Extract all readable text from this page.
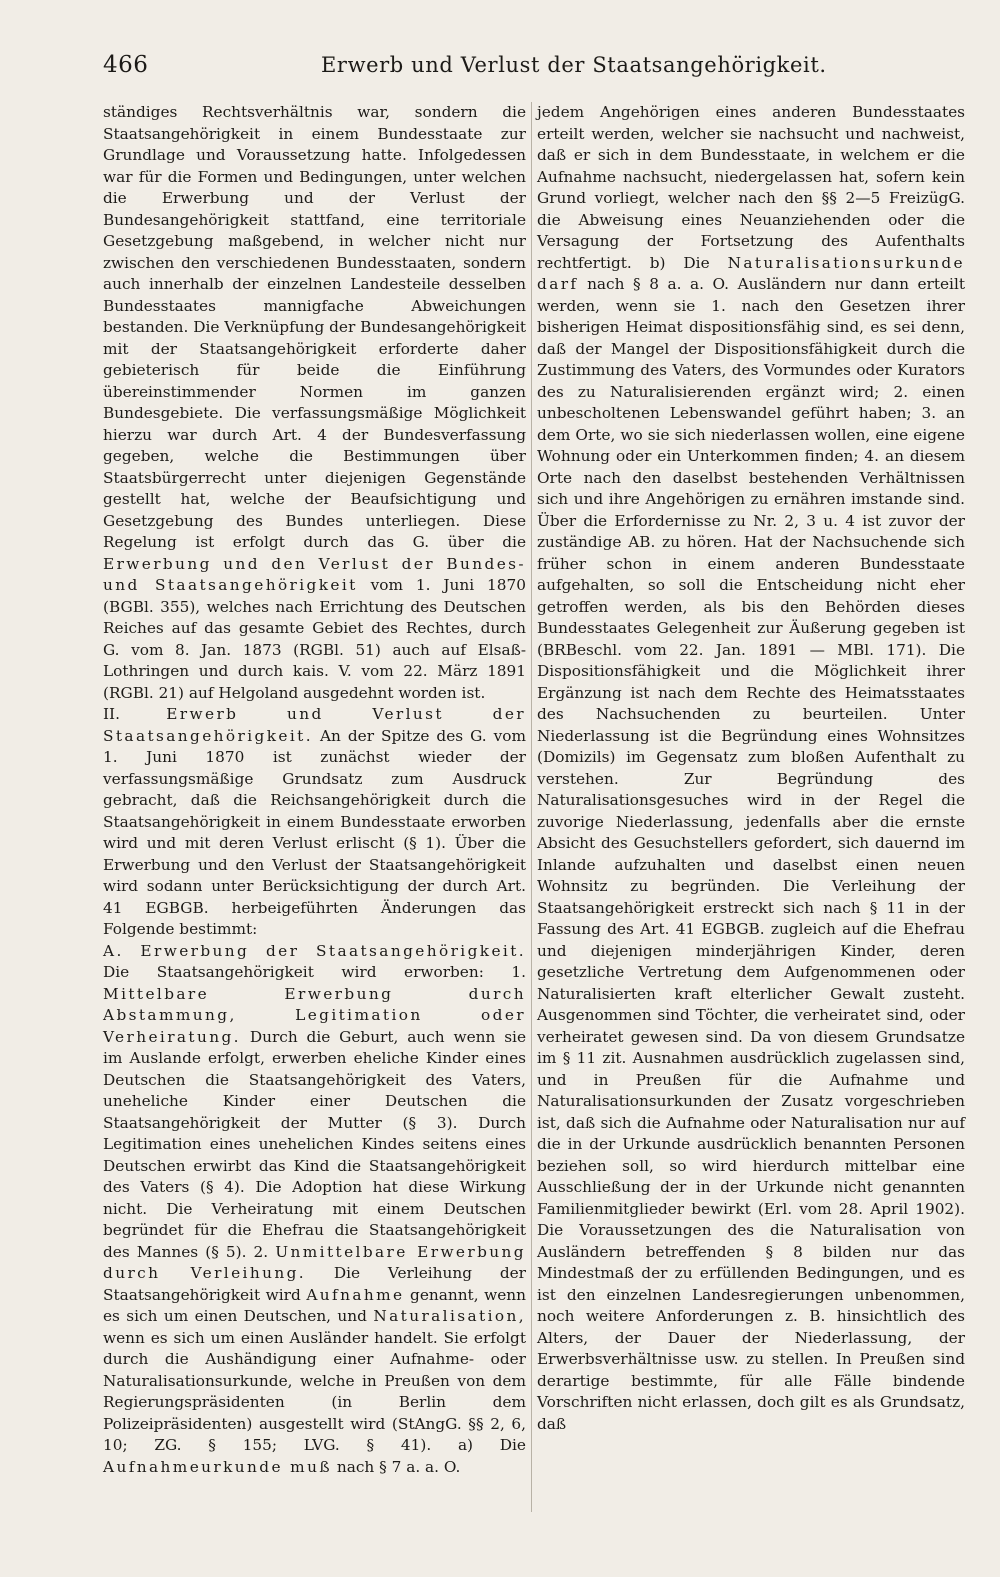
466	Erwerb und Verlust der Staatsangehörigkeit.

ständiges Rechtsverhältnis war, sondern die Staatsangehörigkeit in einem Bundesstaate zur Grundlage und Voraussetzung hatte. Infolgedessen war für die Formen und Bedingungen, unter welchen die Erwerbung und der Verlust der Bundesangehörigkeit stattfand, eine territoriale Gesetzgebung maßgebend, in welcher nicht nur zwischen den verschiedenen Bundesstaaten, sondern auch innerhalb der einzelnen Landesteile desselben Bundesstaates mannigfache Abweichungen bestanden. Die Verknüpfung der Bundesangehörigkeit mit der Staatsangehörigkeit erforderte daher gebieterisch für beide die Einführung übereinstimmender Normen im ganzen Bundesgebiete. Die verfassungsmäßige Möglichkeit hierzu war durch Art. 4 der Bundesverfassung gegeben, welche die Bestimmungen über Staatsbürgerrecht unter diejenigen Gegenstände gestellt hat, welche der Beaufsichtigung und Gesetzgebung des Bundes unterliegen. Diese Regelung ist erfolgt durch das G. über die Erwerbung und den Verlust der Bundes- und Staatsangehörigkeit vom 1. Juni 1870 (BGBl. 355), welches nach Errichtung des Deutschen Reiches auf das gesamte Gebiet des Rechtes, durch G. vom 8. Jan. 1873 (RGBl. 51) auch auf Elsaß-Lothringen und durch kais. V. vom 22. März 1891 (RGBl. 21) auf Helgoland ausgedehnt worden ist.

II.	Erwerb und Verlust der Staatsangehörigkeit. An der Spitze des G. vom 1. Juni 1870 ist zunächst wieder der verfassungsmäßige Grundsatz zum Ausdruck gebracht, daß die Reichsangehörigkeit durch die Staatsangehörigkeit in einem Bundesstaate erworben wird und mit deren Verlust erlischt (§ 1). Über die Erwerbung und den Verlust der Staatsangehörigkeit wird sodann unter Berücksichtigung der durch Art. 41 EGBGB. herbeigeführten Änderungen das Folgende bestimmt:

A. Erwerbung der Staatsangehörigkeit. Die Staatsangehörigkeit wird erworben: 1. Mittelbare Erwerbung durch Abstammung, Legitimation oder Verheiratung. Durch die Geburt, auch wenn sie im Auslande erfolgt, erwerben eheliche Kinder eines Deutschen die Staatsangehörigkeit des Vaters, uneheliche Kinder einer Deutschen die Staatsangehörigkeit der Mutter (§ 3). Durch Legitimation eines unehelichen Kindes seitens eines Deutschen erwirbt das Kind die Staatsangehörigkeit des Vaters (§ 4). Die Adoption hat diese Wirkung nicht. Die Verheiratung mit einem Deutschen begründet für die Ehefrau die Staatsangehörigkeit des Mannes (§ 5). 2. Unmittelbare Erwerbung durch Verleihung. Die Verleihung der Staatsangehörigkeit wird Aufnahme genannt, wenn es sich um einen Deutschen, und Naturalisation, wenn es sich um einen Ausländer handelt. Sie erfolgt durch die Aushändigung einer Aufnahme- oder Naturalisationsurkunde, welche in Preußen von dem Regierungspräsidenten (in Berlin dem Polizeipräsidenten) ausgestellt wird (StAngG. §§ 2, 6, 10; ZG. § 155; LVG. § 41). a) Die Aufnahmeurkunde muß nach § 7 a. a. O.

jedem Angehörigen eines anderen Bundesstaates erteilt werden, welcher sie nachsucht und nachweist, daß er sich in dem Bundesstaate, in welchem er die Aufnahme nachsucht, niedergelassen hat, sofern kein Grund vorliegt, welcher nach den §§ 2—5 FreizügG. die Abweisung eines Neuanziehenden oder die Versagung der Fortsetzung des Aufenthalts rechtfertigt. b) Die Naturalisationsurkunde darf nach § 8 a. a. O. Ausländern nur dann erteilt werden, wenn sie 1. nach den Gesetzen ihrer bisherigen Heimat dispositionsfähig sind, es sei denn, daß der Mangel der Dispositionsfähigkeit durch die Zustimmung des Vaters, des Vormundes oder Kurators des zu Naturalisierenden ergänzt wird; 2. einen unbescholtenen Lebenswandel geführt haben; 3. an dem Orte, wo sie sich niederlassen wollen, eine eigene Wohnung oder ein Unterkommen finden; 4. an diesem Orte nach den daselbst bestehenden Verhältnissen sich und ihre Angehörigen zu ernähren imstande sind. Über die Erfordernisse zu Nr. 2, 3 u. 4 ist zuvor der zuständige AB. zu hören. Hat der Nachsuchende sich früher schon in einem anderen Bundesstaate aufgehalten, so soll die Entscheidung nicht eher getroffen werden, als bis den Behörden dieses Bundesstaates Gelegenheit zur Äußerung gegeben ist (BRBeschl. vom 22. Jan. 1891 — MBl. 171). Die Dispositionsfähigkeit und die Möglichkeit ihrer Ergänzung ist nach dem Rechte des Heimatsstaates des Nachsuchenden zu beurteilen. Unter Niederlassung ist die Begründung eines Wohnsitzes (Domizils) im Gegensatz zum bloßen Aufenthalt zu verstehen. Zur Begründung des Naturalisationsgesuches wird in der Regel die zuvorige Niederlassung, jedenfalls aber die ernste Absicht des Gesuchstellers gefordert, sich dauernd im Inlande aufzuhalten und daselbst einen neuen Wohnsitz zu begründen. Die Verleihung der Staatsangehörigkeit erstreckt sich nach § 11 in der Fassung des Art. 41 EGBGB. zugleich auf die Ehefrau und diejenigen minderjährigen Kinder, deren gesetzliche Vertretung dem Aufgenommenen oder Naturalisierten kraft elterlicher Gewalt zusteht. Ausgenommen sind Töchter, die verheiratet sind, oder verheiratet gewesen sind. Da von diesem Grundsatze im § 11 zit. Ausnahmen ausdrücklich zugelassen sind, und in Preußen für die Aufnahme und Naturalisationsurkunden der Zusatz vorgeschrieben ist, daß sich die Aufnahme oder Naturalisation nur auf die in der Urkunde ausdrücklich benannten Personen beziehen soll, so wird hierdurch mittelbar eine Ausschließung der in der Urkunde nicht genannten Familienmitglieder bewirkt (Erl. vom 28. April 1902). Die Voraussetzungen des die Naturalisation von Ausländern betreffenden § 8 bilden nur das Mindestmaß der zu erfüllenden Bedingungen, und es ist den einzelnen Landesregierungen unbenommen, noch weitere Anforderungen z. B. hinsichtlich des Alters, der Dauer der Niederlassung, der Erwerbsverhältnisse usw. zu stellen. In Preußen sind derartige bestimmte, für alle Fälle bindende Vorschriften nicht erlassen, doch gilt es als Grundsatz, daß
